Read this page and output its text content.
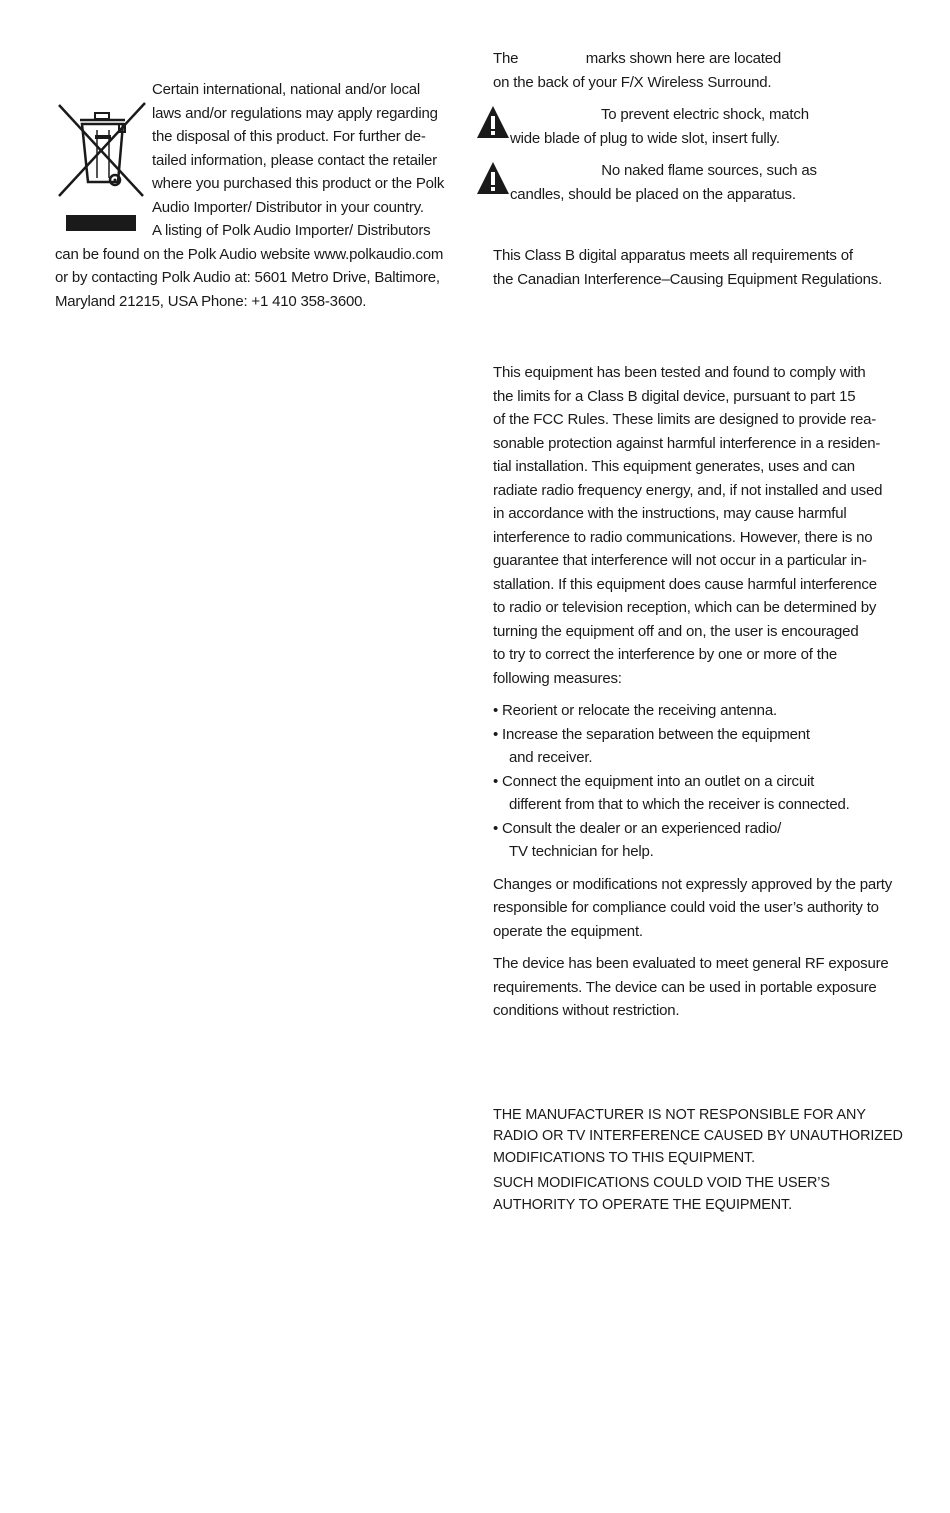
Certain international, national and/or local
laws and/or regulations may apply regarding
the disposal of this product. For further de-
tailed information, please contact the retailer
where you purchased this product or the Polk
Audio Importer/ Distributor in your country.
A listing of Polk Audio Importer/ Distributors
can be found on the Polk Audio website www.polkaudio.com
or by contacting Polk Audio at: 5601 Metro Drive, Baltimore,
Maryland 21215, USA Phone: +1 410 358-3600.
The                 marks shown here are located
on the back of your F/X Wireless Surround.
To prevent electric shock, match
wide blade of plug to wide slot, insert fully.
No naked flame sources, such as
candles, should be placed on the apparatus.
This Class B digital apparatus meets all requirements of
the Canadian Interference–Causing Equipment Regulations.
This equipment has been tested and found to comply with
the limits for a Class B digital device, pursuant to part 15
of the FCC Rules. These limits are designed to provide rea-
sonable protection against harmful interference in a residen-
tial installation. This equipment generates, uses and can
radiate radio frequency energy, and, if not installed and used
in accordance with the instructions, may cause harmful
interference to radio communications. However, there is no
guarantee that interference will not occur in a particular in-
stallation. If this equipment does cause harmful interference
to radio or television reception, which can be determined by
turning the equipment off and on, the user is encouraged
to try to correct the interference by one or more of the
following measures:
• Reorient or relocate the receiving antenna.
• Increase the separation between the equipment
and receiver.
• Connect the equipment into an outlet on a circuit
different from that to which the receiver is connected.
• Consult the dealer or an experienced radio/
TV technician for help.
Changes or modifications not expressly approved by the party
responsible for compliance could void the user’s authority to
operate the equipment.
The device has been evaluated to meet general RF exposure
requirements. The device can be used in portable exposure
conditions without restriction.
THE MANUFACTURER IS NOT RESPONSIBLE FOR ANY
RADIO OR TV INTERFERENCE CAUSED BY UNAUTHORIZED
MODIFICATIONS TO THIS EQUIPMENT.
SUCH MODIFICATIONS COULD VOID THE USER’S
AUTHORITY TO OPERATE THE EQUIPMENT.
